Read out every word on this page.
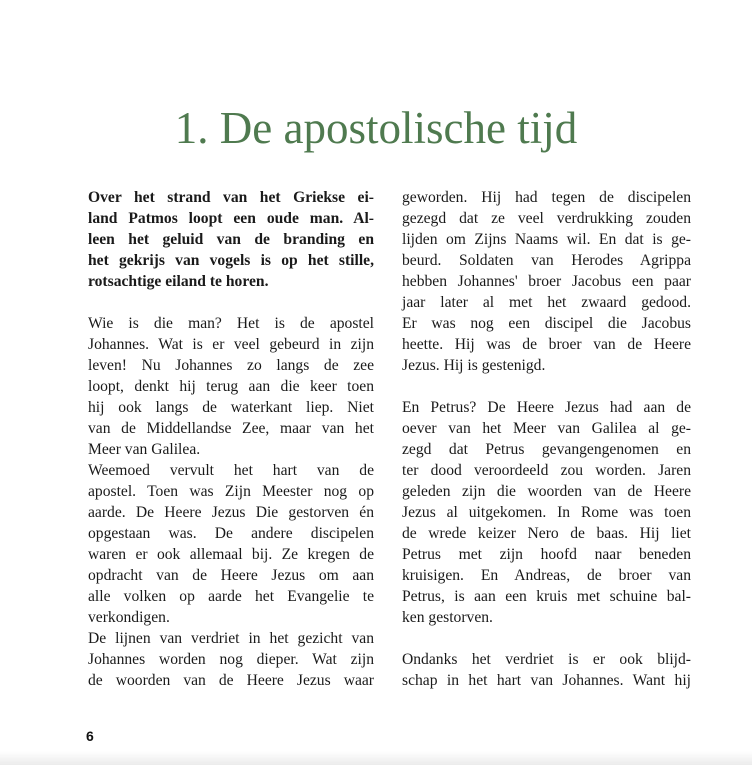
1. De apostolische tijd
Over het strand van het Griekse ei-
land Patmos loopt een oude man. Al-
leen het geluid van de branding en
het gekrijs van vogels is op het stille,
rotsachtige eiland te horen.
Wie is die man? Het is de apostel
Johannes. Wat is er veel gebeurd in zijn
leven! Nu Johannes zo langs de zee
loopt, denkt hij terug aan die keer toen
hij ook langs de waterkant liep. Niet
van de Middellandse Zee, maar van het
Meer van Galilea.
Weemoed vervult het hart van de
apostel. Toen was Zijn Meester nog op
aarde. De Heere Jezus Die gestorven én
opgestaan was. De andere discipelen
waren er ook allemaal bij. Ze kregen de
opdracht van de Heere Jezus om aan
alle volken op aarde het Evangelie te
verkondigen.
De lijnen van verdriet in het gezicht van
Johannes worden nog dieper. Wat zijn
de woorden van de Heere Jezus waar
geworden. Hij had tegen de discipelen
gezegd dat ze veel verdrukking zouden
lijden om Zijns Naams wil. En dat is ge-
beurd. Soldaten van Herodes Agrippa
hebben Johannes' broer Jacobus een paar
jaar later al met het zwaard gedood.
Er was nog een discipel die Jacobus
heette. Hij was de broer van de Heere
Jezus. Hij is gestenigd.
En Petrus? De Heere Jezus had aan de
oever van het Meer van Galilea al ge-
zegd dat Petrus gevangengenomen en
ter dood veroordeeld zou worden. Jaren
geleden zijn die woorden van de Heere
Jezus al uitgekomen. In Rome was toen
de wrede keizer Nero de baas. Hij liet
Petrus met zijn hoofd naar beneden
kruisigen. En Andreas, de broer van
Petrus, is aan een kruis met schuine bal-
ken gestorven.
Ondanks het verdriet is er ook blijd-
schap in het hart van Johannes. Want hij
6
